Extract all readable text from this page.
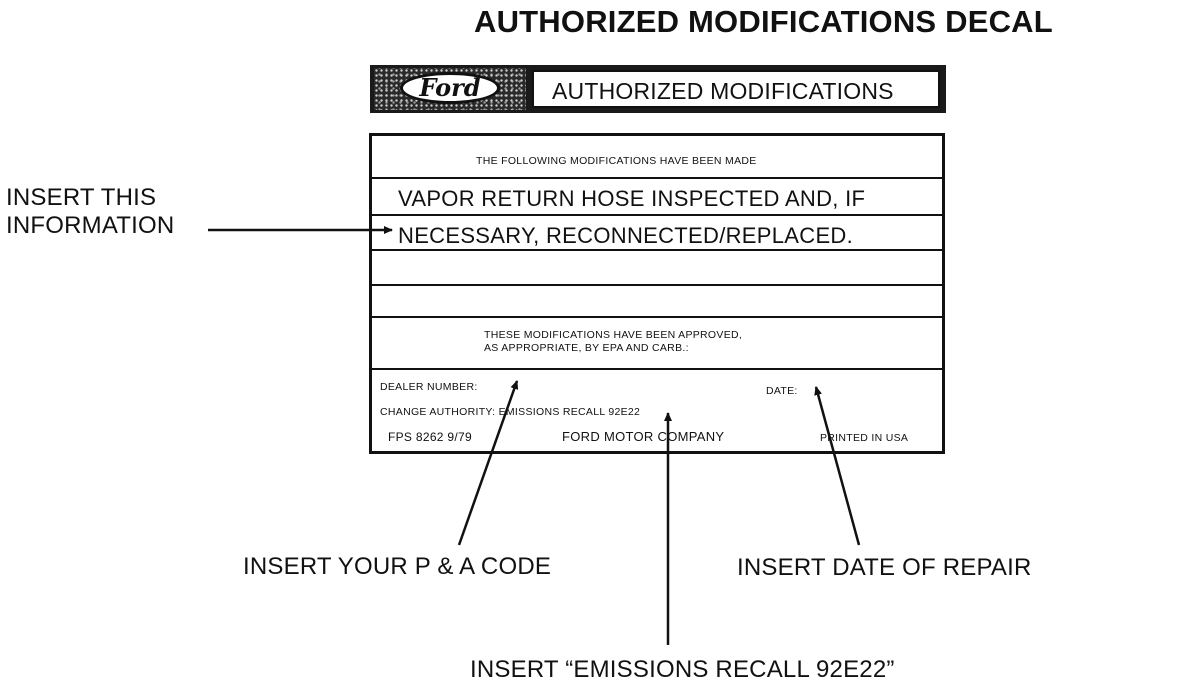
AUTHORIZED MODIFICATIONS DECAL
Ford	AUTHORIZED MODIFICATIONS
THE FOLLOWING MODIFICATIONS HAVE BEEN MADE
VAPOR RETURN HOSE INSPECTED AND, IF
NECESSARY, RECONNECTED/REPLACED.
THESE MODIFICATIONS HAVE BEEN APPROVED,
AS APPROPRIATE, BY EPA AND CARB.:
DEALER NUMBER:	DATE:
CHANGE AUTHORITY: EMISSIONS RECALL 92E22
FPS 8262 9/79	FORD MOTOR COMPANY	PRINTED IN USA
INSERT THIS
INFORMATION
INSERT YOUR P & A CODE	INSERT DATE OF REPAIR
INSERT “EMISSIONS RECALL 92E22”
